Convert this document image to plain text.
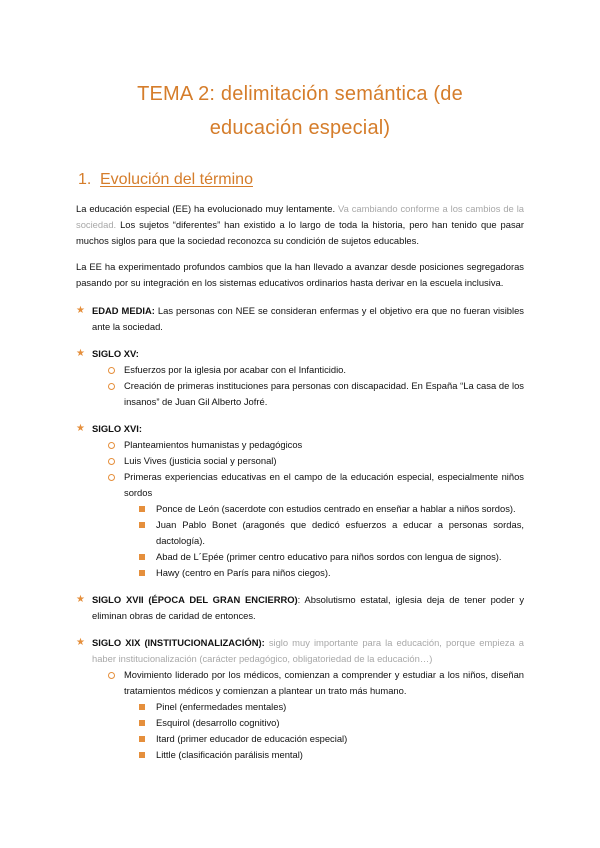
TEMA 2: delimitación semántica (de
educación especial)
1. Evolución del término

La educación especial (EE) ha evolucionado muy lentamente. Va cambiando conforme a los cambios de la sociedad. Los sujetos “diferentes” han existido a lo largo de toda la historia, pero han tenido que pasar muchos siglos para que la sociedad reconozca su condición de sujetos educables.

La EE ha experimentado profundos cambios que la han llevado a avanzar desde posiciones segregadoras pasando por su integración en los sistemas educativos ordinarios hasta derivar en la escuela inclusiva.

★ EDAD MEDIA: Las personas con NEE se consideran enfermas y el objetivo era que no fueran visibles ante la sociedad.
★ SIGLO XV:
Esfuerzos por la iglesia por acabar con el Infanticidio.
Creación de primeras instituciones para personas con discapacidad. En España “La casa de los insanos” de Juan Gil Alberto Jofré.
★ SIGLO XVI:
Planteamientos humanistas y pedagógicos
Luis Vives (justicia social y personal)
Primeras experiencias educativas en el campo de la educación especial, especialmente niños sordos
Ponce de León (sacerdote con estudios centrado en enseñar a hablar a niños sordos).
Juan Pablo Bonet (aragonés que dedicó esfuerzos a educar a personas sordas, dactología).
Abad de L´Epée (primer centro educativo para niños sordos con lengua de signos).
Hawy (centro en París para niños ciegos).
★ SIGLO XVII (ÉPOCA DEL GRAN ENCIERRO): Absolutismo estatal, iglesia deja de tener poder y eliminan obras de caridad de entonces.
★ SIGLO XIX (INSTITUCIONALIZACIÓN): siglo muy importante para la educación, porque empieza a haber institucionalización (carácter pedagógico, obligatoriedad de la educación…)
Movimiento liderado por los médicos, comienzan a comprender y estudiar a los niños, diseñan tratamientos médicos y comienzan a plantear un trato más humano.
Pinel (enfermedades mentales)
Esquirol (desarrollo cognitivo)
Itard (primer educador de educación especial)
Little (clasificación parálisis mental)
